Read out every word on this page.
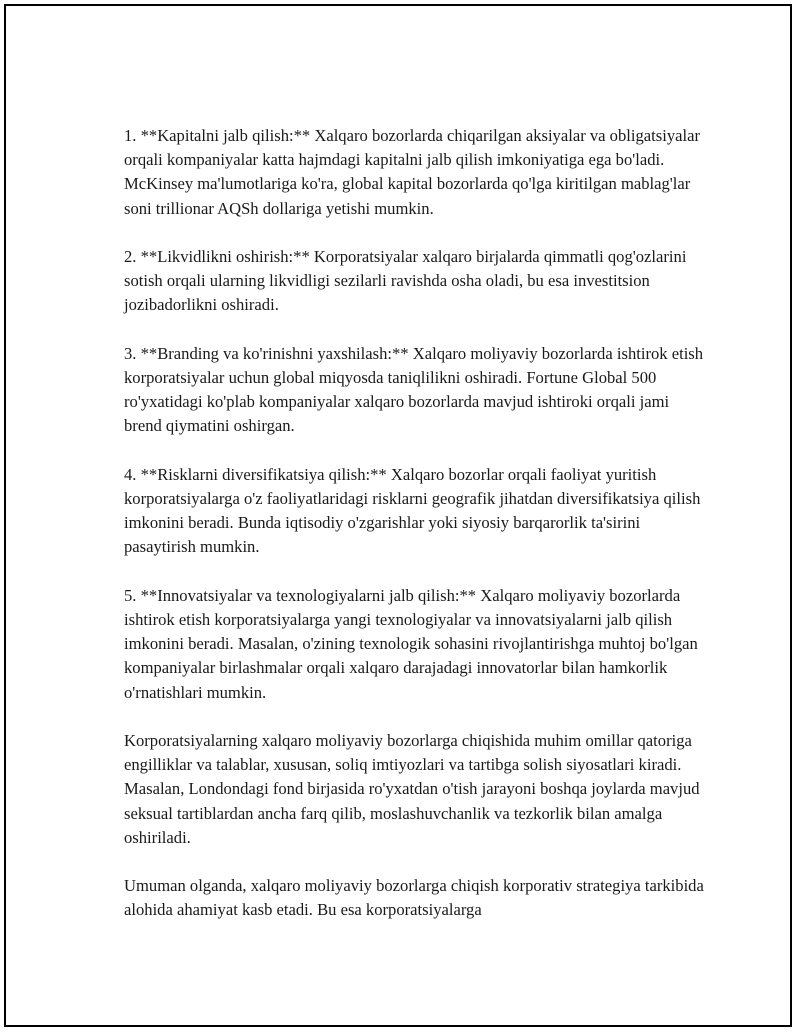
1. **Kapitalni jalb qilish:** Xalqaro bozorlarda chiqarilgan aksiyalar va obligatsiyalar orqali kompaniyalar katta hajmdagi kapitalni jalb qilish imkoniyatiga ega bo'ladi. McKinsey ma'lumotlariga ko'ra, global kapital bozorlarda qo'lga kiritilgan mablag'lar soni trillionar AQSh dollariga yetishi mumkin.

2. **Likvidlikni oshirish:** Korporatsiyalar xalqaro birjalarda qimmatli qog'ozlarini sotish orqali ularning likvidligi sezilarli ravishda osha oladi, bu esa investitsion jozibadorlikni oshiradi.

3. **Branding va ko'rinishni yaxshilash:** Xalqaro moliyaviy bozorlarda ishtirok etish korporatsiyalar uchun global miqyosda taniqlilikni oshiradi. Fortune Global 500 ro'yxatidagi ko'plab kompaniyalar xalqaro bozorlarda mavjud ishtiroki orqali jami brend qiymatini oshirgan.

4. **Risklarni diversifikatsiya qilish:** Xalqaro bozorlar orqali faoliyat yuritish korporatsiyalarga o'z faoliyatlaridagi risklarni geografik jihatdan diversifikatsiya qilish imkonini beradi. Bunda iqtisodiy o'zgarishlar yoki siyosiy barqarorlik ta'sirini pasaytirish mumkin.

5. **Innovatsiyalar va texnologiyalarni jalb qilish:** Xalqaro moliyaviy bozorlarda ishtirok etish korporatsiyalarga yangi texnologiyalar va innovatsiyalarni jalb qilish imkonini beradi. Masalan, o'zining texnologik sohasini rivojlantirishga muhtoj bo'lgan kompaniyalar birlashmalar orqali xalqaro darajadagi innovatorlar bilan hamkorlik o'rnatishlari mumkin.

Korporatsiyalarning xalqaro moliyaviy bozorlarga chiqishida muhim omillar qatoriga engilliklar va talablar, xususan, soliq imtiyozlari va tartibga solish siyosatlari kiradi. Masalan, Londondagi fond birjasida ro'yxatdan o'tish jarayoni boshqa joylarda mavjud seksual tartiblardan ancha farq qilib, moslashuvchanlik va tezkorlik bilan amalga oshiriladi.

Umuman olganda, xalqaro moliyaviy bozorlarga chiqish korporativ strategiya tarkibida alohida ahamiyat kasb etadi. Bu esa korporatsiyalarga
